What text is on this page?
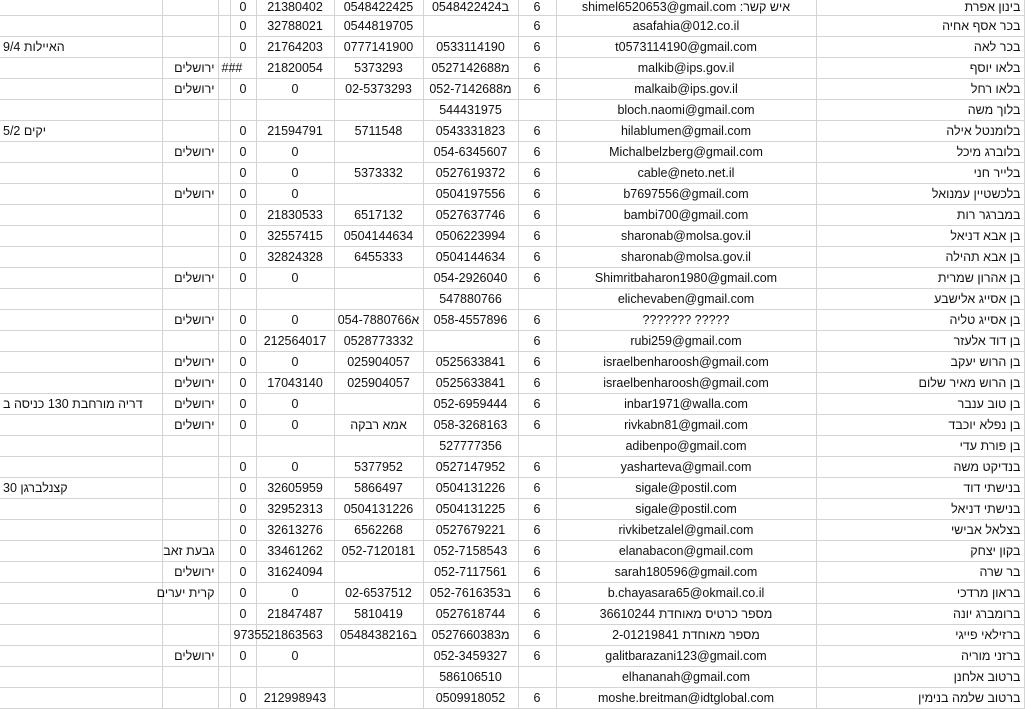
			0	21380402	0548422425	0548422424ב	6	shimel6520653@gmail.com :איש קשר	בינון אפרת
			0	32788021	0544819705		6	asafahia@012.co.il	בכר אסף אחיה
האיילות 9/4			0	21764203	0777141900	0533114190	6	t0573114190@gmail.com	בכר לאה
	ירושלים	###		21820054	5373293	0527142688מ	6	malkib@ips.gov.il	בלאו יוסף
	ירושלים		0	0	02-5373293	052-7142688מ	6	malkaib@ips.gov.il	בלאו רחל
						544431975		bloch.naomi@gmail.com	בלוך משה
יקים 5/2			0	21594791	5711548	0543331823	6	hilablumen@gmail.com	בלומנטל אילה
	ירושלים		0	0		054-6345607	6	Michalbelzberg@gmail.com	בלוברג מיכל
			0	0	5373332	0527619372	6	cable@neto.net.il	בלייר חני
	ירושלים		0	0		0504197556	6	b7697556@gmail.com	בלכשטיין עמנואל
			0	21830533	6517132	0527637746	6	bambi700@gmail.com	במברגר רות
			0	32557415	0504144634	0506223994	6	sharonab@molsa.gov.il	בן אבא דניאל
			0	32824328	6455333	0504144634	6	sharonab@molsa.gov.il	בן אבא תהילה
	ירושלים		0	0		054-2926040	6	Shimritbaharon1980@gmail.com	בן אהרון שמרית
						547880766		elichevaben@gmail.com	בן אסייג אלישבע
	ירושלים		0	0	054-7880766א	058-4557896	6	??????? ?????	בן אסייג טליה
			0	212564017	0528773332		6	rubi259@gmail.com	בן דוד אלעזר
	ירושלים		0	0	025904057	0525633841	6	israelbenharoosh@gmail.com	בן הרוש יעקב
	ירושלים		0	17043140	025904057	0525633841	6	israelbenharoosh@gmail.com	בן הרוש מאיר שלום
דריה מורחבת 130 כניסה ב	ירושלים		0	0		052-6959444	6	inbar1971@walla.com	בן טוב ענבר
	ירושלים		0	0	אמא רבקה	058-3268163	6	rivkabn81@gmail.com	בן נפלא יוכבד
						527777356		adibenpo@gmail.com	בן פורת עדי
			0	0	5377952	0527147952	6	yasharteva@gmail.com	בנדיקט משה
קצנלברגן 30			0	32605959	5866497	0504131226	6	sigale@postil.com	בנישתי דוד
			0	32952313	0504131226	0504131225	6	sigale@postil.com	בנישתי דניאל
			0	32613276	6562268	0527679221	6	rivkibetzalel@gmail.com	בצלאל אבישי
	גבעת זאב		0	33461262	052-7120181	052-7158543	6	elanabacon@gmail.com	בקון יצחק
	ירושלים		0	31624094		052-7117561	6	sarah180596@gmail.com	בר שרה
	קרית יערים		0	0	02-6537512	052-7616353ב	6	b.chayasara65@okmail.co.il	בראון מרדכי
			0	21847487	5810419	0527618744	6	מספר כרטיס מאוחדת 36610244	ברומברג יונה
			97355	21863563	0548438216ב	0527660383מ	6	מספר מאוחדת 2-01219841	ברזילאי פייגי
	ירושלים		0	0		052-3459327	6	galitbarazani123@gmail.com	ברזני מוריה
						586106510		elhananah@gmail.com	ברטוב אלחנן
			0	212998943		0509918052	6	moshe.breitman@idtglobal.com	ברטוב שלמה בנימין
